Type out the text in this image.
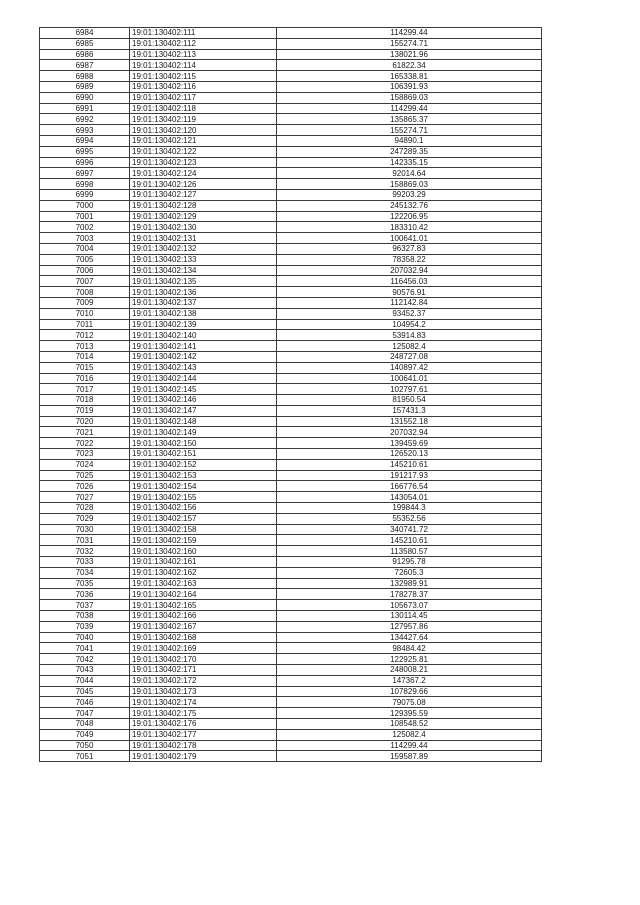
6984	19:01:130402:111	114299.44
6985	19:01:130402:112	155274.71
6986	19:01:130402:113	138021.96
6987	19:01:130402:114	61822.34
6988	19:01:130402:115	165338.81
6989	19:01:130402:116	106391.93
6990	19:01:130402:117	158869.03
6991	19:01:130402:118	114299.44
6992	19:01:130402:119	135865.37
6993	19:01:130402:120	155274.71
6994	19:01:130402:121	94890.1
6995	19:01:130402:122	247289.35
6996	19:01:130402:123	142335.15
6997	19:01:130402:124	92014.64
6998	19:01:130402:126	158869.03
6999	19:01:130402:127	99203.29
7000	19:01:130402:128	245132.76
7001	19:01:130402:129	122206.95
7002	19:01:130402:130	183310.42
7003	19:01:130402:131	100641.01
7004	19:01:130402:132	96327.83
7005	19:01:130402:133	78358.22
7006	19:01:130402:134	207032.94
7007	19:01:130402:135	116456.03
7008	19:01:130402:136	90576.91
7009	19:01:130402:137	112142.84
7010	19:01:130402:138	93452.37
7011	19:01:130402:139	104954.2
7012	19:01:130402:140	53914.83
7013	19:01:130402:141	125082.4
7014	19:01:130402:142	248727.08
7015	19:01:130402:143	140897.42
7016	19:01:130402:144	100641.01
7017	19:01:130402:145	102797.61
7018	19:01:130402:146	81950.54
7019	19:01:130402:147	157431.3
7020	19:01:130402:148	131552.18
7021	19:01:130402:149	207032.94
7022	19:01:130402:150	139459.69
7023	19:01:130402:151	126520.13
7024	19:01:130402:152	145210.61
7025	19:01:130402:153	191217.93
7026	19:01:130402:154	166776.54
7027	19:01:130402:155	143054.01
7028	19:01:130402:156	199844.3
7029	19:01:130402:157	55352.56
7030	19:01:130402:158	340741.72
7031	19:01:130402:159	145210.61
7032	19:01:130402:160	113580.57
7033	19:01:130402:161	91295.78
7034	19:01:130402:162	72605.3
7035	19:01:130402:163	132989.91
7036	19:01:130402:164	178278.37
7037	19:01:130402:165	105673.07
7038	19:01:130402:166	130114.45
7039	19:01:130402:167	127957.86
7040	19:01:130402:168	134427.64
7041	19:01:130402:169	98484.42
7042	19:01:130402:170	122925.81
7043	19:01:130402:171	248008.21
7044	19:01:130402:172	147367.2
7045	19:01:130402:173	107829.66
7046	19:01:130402:174	79075.08
7047	19:01:130402:175	129395.59
7048	19:01:130402:176	108548.52
7049	19:01:130402:177	125082.4
7050	19:01:130402:178	114299.44
7051	19:01:130402:179	159587.89
